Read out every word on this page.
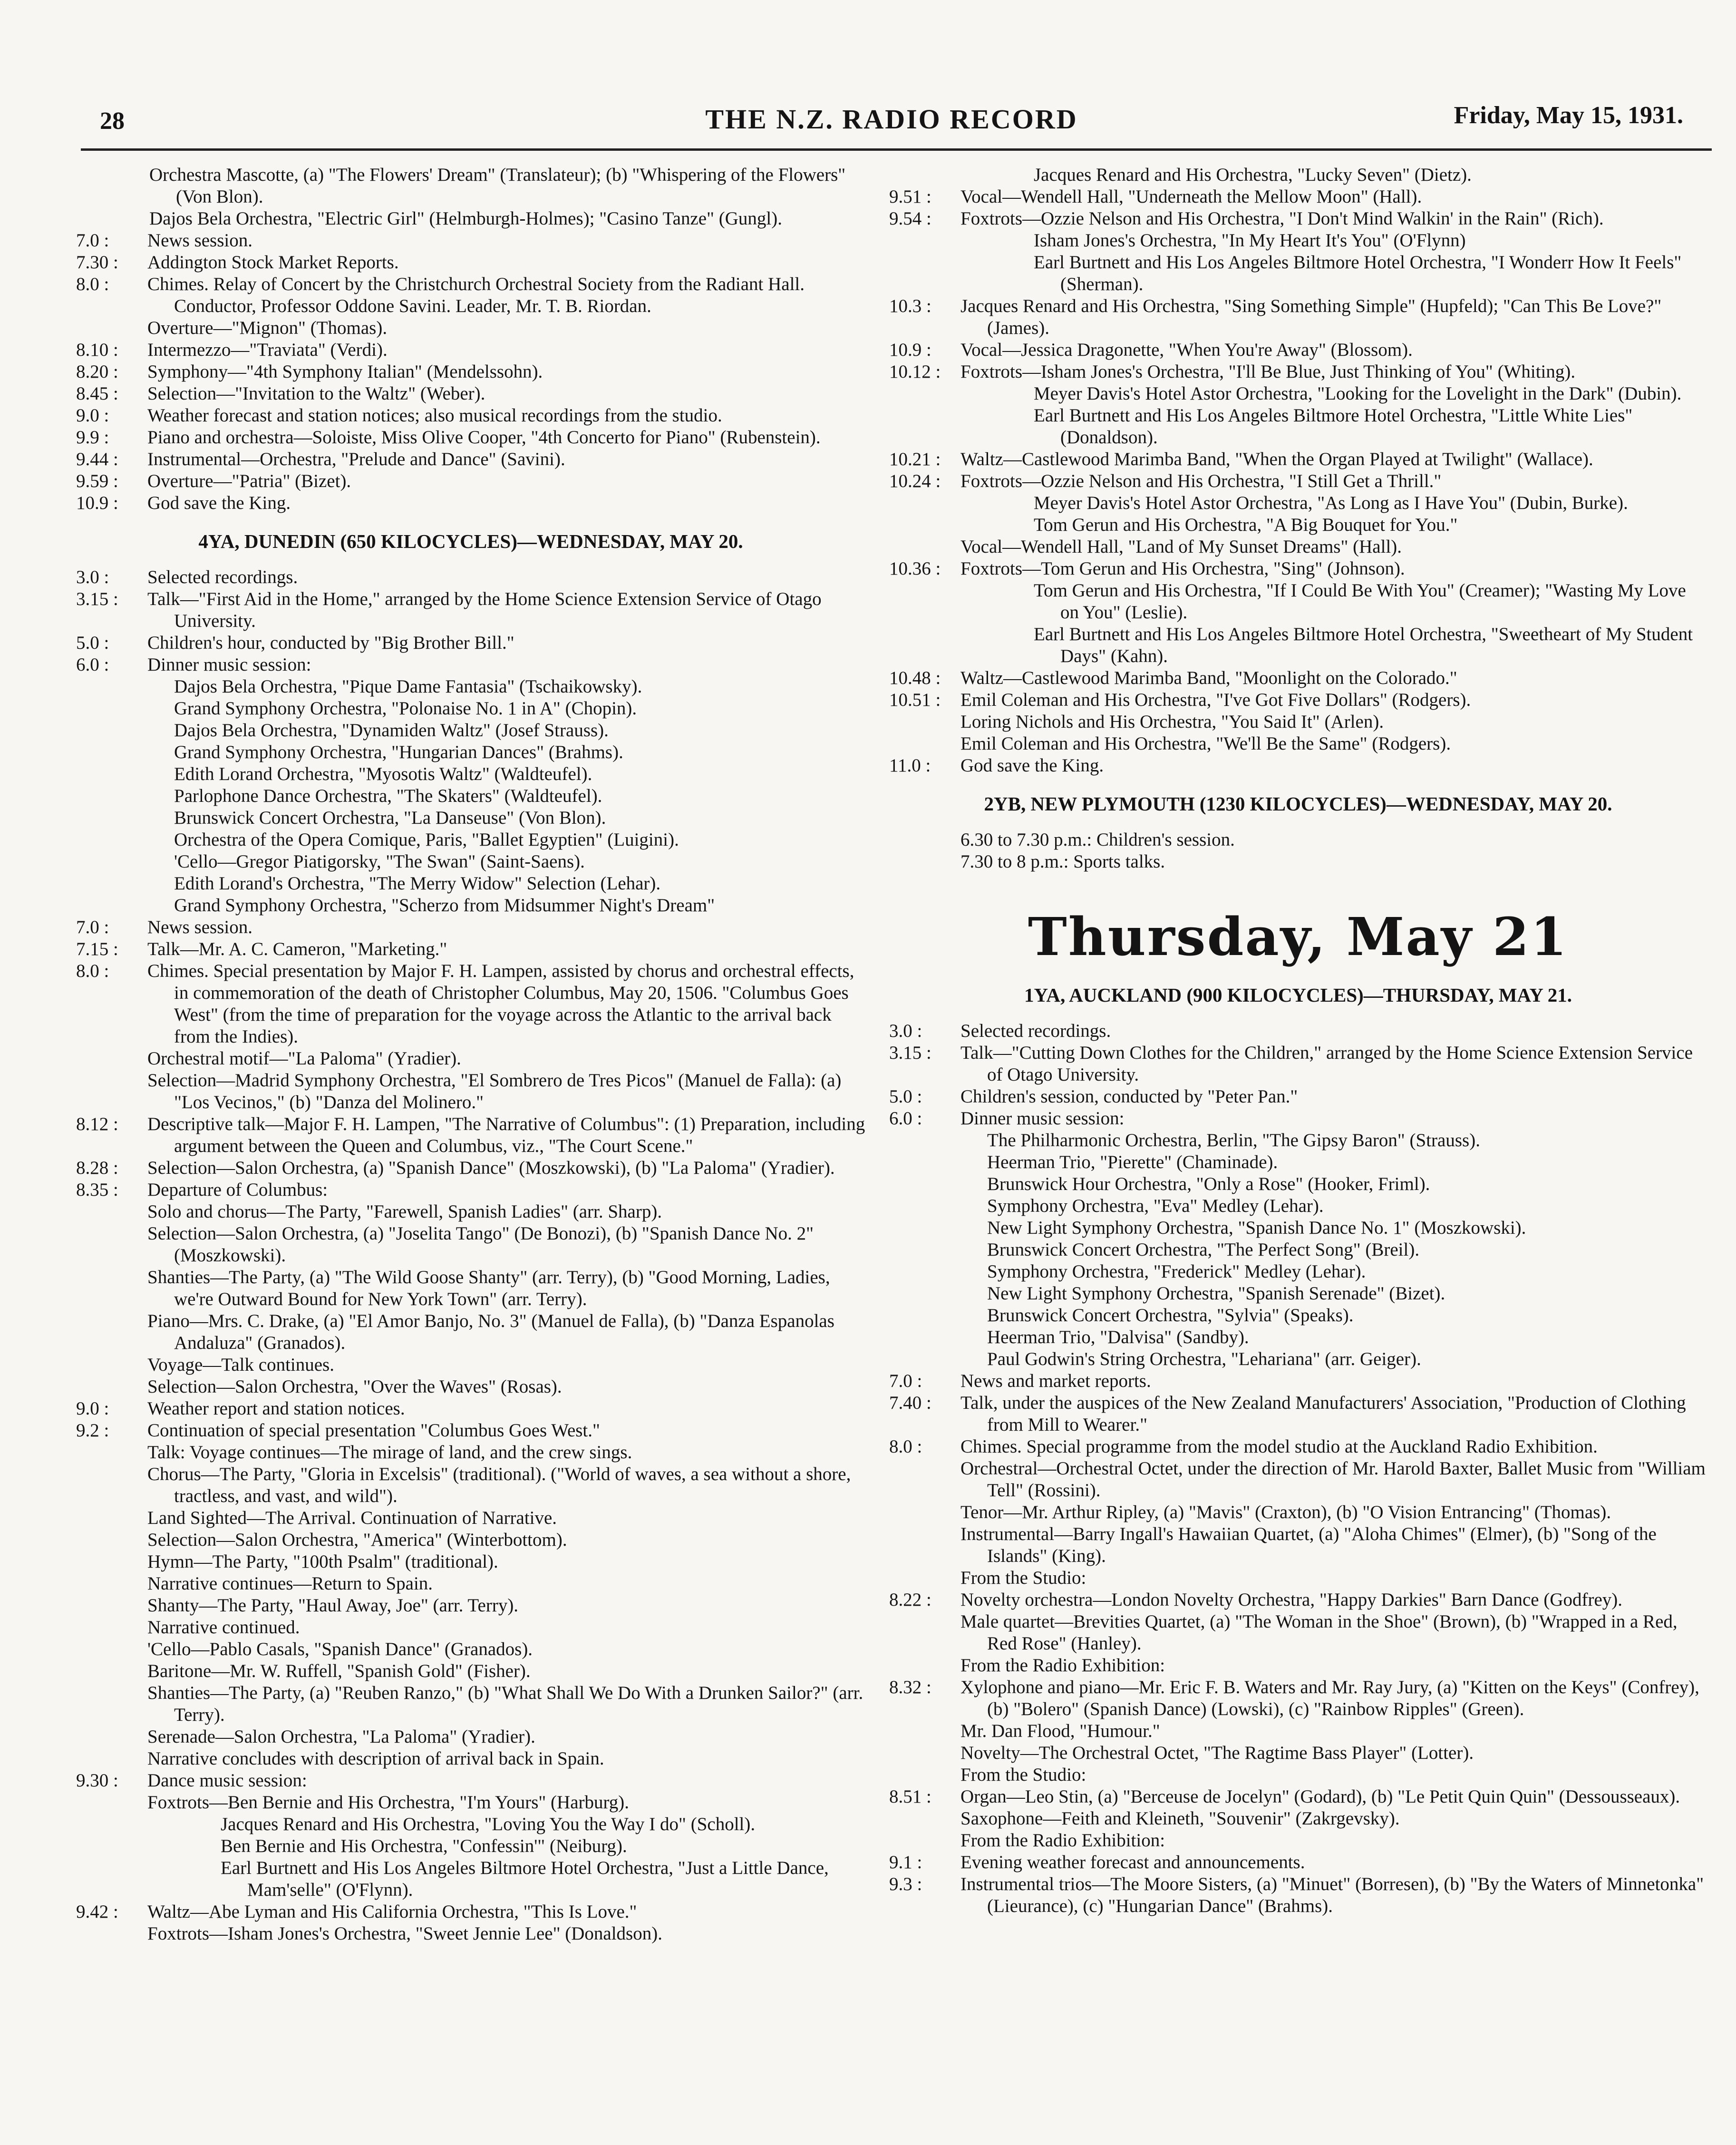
28	THE N.Z. RADIO RECORD	Friday, May 15, 1931.
Orchestra Mascotte, (a) "The Flowers' Dream" (Translateur); (b) "Whispering of the Flowers" (Von Blon).
Dajos Bela Orchestra, "Electric Girl" (Helmburgh-Holmes); "Casino Tanze" (Gungl).
7.0 :	News session.
7.30 :	Addington Stock Market Reports.
8.0 :	Chimes. Relay of Concert by the Christchurch Orchestral Society from the Radiant Hall. Conductor, Professor Oddone Savini. Leader, Mr. T. B. Riordan.
Overture—"Mignon" (Thomas).
8.10 :	Intermezzo—"Traviata" (Verdi).
8.20 :	Symphony—"4th Symphony Italian" (Mendelssohn).
8.45 :	Selection—"Invitation to the Waltz" (Weber).
9.0 :	Weather forecast and station notices; also musical recordings from the studio.
9.9 :	Piano and orchestra—Soloiste, Miss Olive Cooper, "4th Concerto for Piano" (Rubenstein).
9.44 :	Instrumental—Orchestra, "Prelude and Dance" (Savini).
9.59 :	Overture—"Patria" (Bizet).
10.9 :	God save the King.
4YA, DUNEDIN (650 KILOCYCLES)—WEDNESDAY, MAY 20.
3.0 :	Selected recordings.
3.15 :	Talk—"First Aid in the Home," arranged by the Home Science Extension Service of Otago University.
5.0 :	Children's hour, conducted by "Big Brother Bill."
6.0 :	Dinner music session:
Dajos Bela Orchestra, "Pique Dame Fantasia" (Tschaikowsky).
Grand Symphony Orchestra, "Polonaise No. 1 in A" (Chopin).
Dajos Bela Orchestra, "Dynamiden Waltz" (Josef Strauss).
Grand Symphony Orchestra, "Hungarian Dances" (Brahms).
Edith Lorand Orchestra, "Myosotis Waltz" (Waldteufel).
Parlophone Dance Orchestra, "The Skaters" (Waldteufel).
Brunswick Concert Orchestra, "La Danseuse" (Von Blon).
Orchestra of the Opera Comique, Paris, "Ballet Egyptien" (Luigini).
'Cello—Gregor Piatigorsky, "The Swan" (Saint-Saens).
Edith Lorand's Orchestra, "The Merry Widow" Selection (Lehar).
Grand Symphony Orchestra, "Scherzo from Midsummer Night's Dream"
7.0 :	News session.
7.15 :	Talk—Mr. A. C. Cameron, "Marketing."
8.0 :	Chimes. Special presentation by Major F. H. Lampen, assisted by chorus and orchestral effects, in commemoration of the death of Christopher Columbus, May 20, 1506. "Columbus Goes West" (from the time of preparation for the voyage across the Atlantic to the arrival back from the Indies).
Orchestral motif—"La Paloma" (Yradier).
Selection—Madrid Symphony Orchestra, "El Sombrero de Tres Picos" (Manuel de Falla): (a) "Los Vecinos," (b) "Danza del Molinero."
8.12 :	Descriptive talk—Major F. H. Lampen, "The Narrative of Columbus": (1) Preparation, including argument between the Queen and Columbus, viz., "The Court Scene."
8.28 :	Selection—Salon Orchestra, (a) "Spanish Dance" (Moszkowski), (b) "La Paloma" (Yradier).
8.35 :	Departure of Columbus:
Solo and chorus—The Party, "Farewell, Spanish Ladies" (arr. Sharp).
Selection—Salon Orchestra, (a) "Joselita Tango" (De Bonozi), (b) "Spanish Dance No. 2" (Moszkowski).
Shanties—The Party, (a) "The Wild Goose Shanty" (arr. Terry), (b) "Good Morning, Ladies, we're Outward Bound for New York Town" (arr. Terry).
Piano—Mrs. C. Drake, (a) "El Amor Banjo, No. 3" (Manuel de Falla), (b) "Danza Espanolas Andaluza" (Granados).
Voyage—Talk continues.
Selection—Salon Orchestra, "Over the Waves" (Rosas).
9.0 :	Weather report and station notices.
9.2 :	Continuation of special presentation "Columbus Goes West."
Talk: Voyage continues—The mirage of land, and the crew sings.
Chorus—The Party, "Gloria in Excelsis" (traditional). ("World of waves, a sea without a shore, tractless, and vast, and wild").
Land Sighted—The Arrival. Continuation of Narrative.
Selection—Salon Orchestra, "America" (Winterbottom).
Hymn—The Party, "100th Psalm" (traditional).
Narrative continues—Return to Spain.
Shanty—The Party, "Haul Away, Joe" (arr. Terry).
Narrative continued.
'Cello—Pablo Casals, "Spanish Dance" (Granados).
Baritone—Mr. W. Ruffell, "Spanish Gold" (Fisher).
Shanties—The Party, (a) "Reuben Ranzo," (b) "What Shall We Do With a Drunken Sailor?" (arr. Terry).
Serenade—Salon Orchestra, "La Paloma" (Yradier).
Narrative concludes with description of arrival back in Spain.
9.30 :	Dance music session:
Foxtrots—Ben Bernie and His Orchestra, "I'm Yours" (Harburg).
Jacques Renard and His Orchestra, "Loving You the Way I do" (Scholl).
Ben Bernie and His Orchestra, "Confessin'" (Neiburg).
Earl Burtnett and His Los Angeles Biltmore Hotel Orchestra, "Just a Little Dance, Mam'selle" (O'Flynn).
9.42 :	Waltz—Abe Lyman and His California Orchestra, "This Is Love."
Foxtrots—Isham Jones's Orchestra, "Sweet Jennie Lee" (Donaldson).
Jacques Renard and His Orchestra, "Lucky Seven" (Dietz).
9.51 :	Vocal—Wendell Hall, "Underneath the Mellow Moon" (Hall).
9.54 :	Foxtrots—Ozzie Nelson and His Orchestra, "I Don't Mind Walkin' in the Rain" (Rich).
Isham Jones's Orchestra, "In My Heart It's You" (O'Flynn)
Earl Burtnett and His Los Angeles Biltmore Hotel Orchestra, "I Wonderr How It Feels" (Sherman).
10.3 :	Jacques Renard and His Orchestra, "Sing Something Simple" (Hupfeld); "Can This Be Love?" (James).
10.9 :	Vocal—Jessica Dragonette, "When You're Away" (Blossom).
10.12 :	Foxtrots—Isham Jones's Orchestra, "I'll Be Blue, Just Thinking of You" (Whiting).
Meyer Davis's Hotel Astor Orchestra, "Looking for the Lovelight in the Dark" (Dubin).
Earl Burtnett and His Los Angeles Biltmore Hotel Orchestra, "Little White Lies" (Donaldson).
10.21 :	Waltz—Castlewood Marimba Band, "When the Organ Played at Twilight" (Wallace).
10.24 :	Foxtrots—Ozzie Nelson and His Orchestra, "I Still Get a Thrill."
Meyer Davis's Hotel Astor Orchestra, "As Long as I Have You" (Dubin, Burke).
Tom Gerun and His Orchestra, "A Big Bouquet for You."
Vocal—Wendell Hall, "Land of My Sunset Dreams" (Hall).
10.36 :	Foxtrots—Tom Gerun and His Orchestra, "Sing" (Johnson).
Tom Gerun and His Orchestra, "If I Could Be With You" (Creamer); "Wasting My Love on You" (Leslie).
Earl Burtnett and His Los Angeles Biltmore Hotel Orchestra, "Sweetheart of My Student Days" (Kahn).
10.48 :	Waltz—Castlewood Marimba Band, "Moonlight on the Colorado."
10.51 :	Emil Coleman and His Orchestra, "I've Got Five Dollars" (Rodgers).
Loring Nichols and His Orchestra, "You Said It" (Arlen).
Emil Coleman and His Orchestra, "We'll Be the Same" (Rodgers).
11.0 :	God save the King.
2YB, NEW PLYMOUTH (1230 KILOCYCLES)—WEDNESDAY, MAY 20.
6.30 to 7.30 p.m.: Children's session.
7.30 to 8 p.m.: Sports talks.
Thursday, May 21
1YA, AUCKLAND (900 KILOCYCLES)—THURSDAY, MAY 21.
3.0 :	Selected recordings.
3.15 :	Talk—"Cutting Down Clothes for the Children," arranged by the Home Science Extension Service of Otago University.
5.0 :	Children's session, conducted by "Peter Pan."
6.0 :	Dinner music session:
The Philharmonic Orchestra, Berlin, "The Gipsy Baron" (Strauss).
Heerman Trio, "Pierette" (Chaminade).
Brunswick Hour Orchestra, "Only a Rose" (Hooker, Friml).
Symphony Orchestra, "Eva" Medley (Lehar).
New Light Symphony Orchestra, "Spanish Dance No. 1" (Moszkowski).
Brunswick Concert Orchestra, "The Perfect Song" (Breil).
Symphony Orchestra, "Frederick" Medley (Lehar).
New Light Symphony Orchestra, "Spanish Serenade" (Bizet).
Brunswick Concert Orchestra, "Sylvia" (Speaks).
Heerman Trio, "Dalvisa" (Sandby).
Paul Godwin's String Orchestra, "Lehariana" (arr. Geiger).
7.0 :	News and market reports.
7.40 :	Talk, under the auspices of the New Zealand Manufacturers' Association, "Production of Clothing from Mill to Wearer."
8.0 :	Chimes. Special programme from the model studio at the Auckland Radio Exhibition.
Orchestral—Orchestral Octet, under the direction of Mr. Harold Baxter, Ballet Music from "William Tell" (Rossini).
Tenor—Mr. Arthur Ripley, (a) "Mavis" (Craxton), (b) "O Vision Entrancing" (Thomas).
Instrumental—Barry Ingall's Hawaiian Quartet, (a) "Aloha Chimes" (Elmer), (b) "Song of the Islands" (King).
From the Studio:
8.22 :	Novelty orchestra—London Novelty Orchestra, "Happy Darkies" Barn Dance (Godfrey).
Male quartet—Brevities Quartet, (a) "The Woman in the Shoe" (Brown), (b) "Wrapped in a Red, Red Rose" (Hanley).
From the Radio Exhibition:
8.32 :	Xylophone and piano—Mr. Eric F. B. Waters and Mr. Ray Jury, (a) "Kitten on the Keys" (Confrey), (b) "Bolero" (Spanish Dance) (Lowski), (c) "Rainbow Ripples" (Green).
Mr. Dan Flood, "Humour."
Novelty—The Orchestral Octet, "The Ragtime Bass Player" (Lotter).
From the Studio:
8.51 :	Organ—Leo Stin, (a) "Berceuse de Jocelyn" (Godard), (b) "Le Petit Quin Quin" (Dessousseaux).
Saxophone—Feith and Kleineth, "Souvenir" (Zakrgevsky).
From the Radio Exhibition:
9.1 :	Evening weather forecast and announcements.
9.3 :	Instrumental trios—The Moore Sisters, (a) "Minuet" (Borresen), (b) "By the Waters of Minnetonka" (Lieurance), (c) "Hungarian Dance" (Brahms).
